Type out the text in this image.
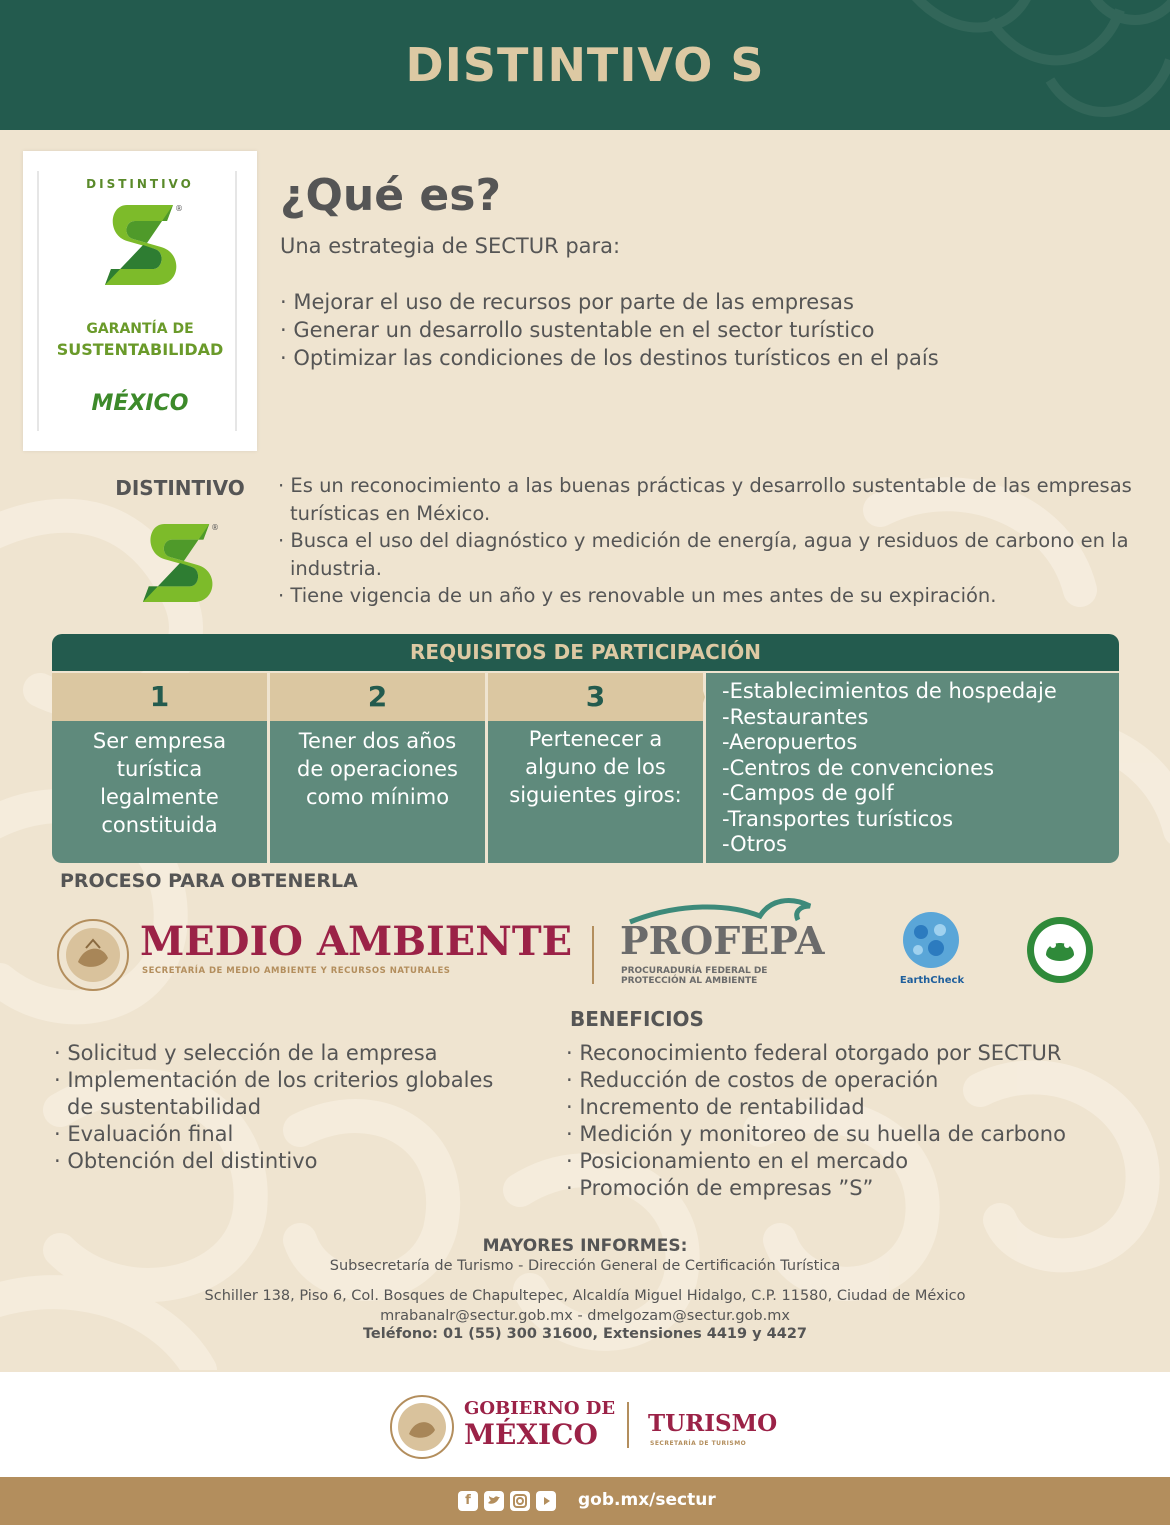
DISTINTIVO S
DISTINTIVO
®
GARANTÍA DE
SUSTENTABILIDAD
MÉXICO
¿Qué es?
Una estrategia de SECTUR para:
· Mejorar el uso de recursos por parte de las empresas
· Generar un desarrollo sustentable en el sector turístico
· Optimizar las condiciones de los destinos turísticos en el país
DISTINTIVO
®
· Es un reconocimiento a las buenas prácticas y desarrollo sustentable de las empresas turísticas en México.
· Busca el uso del diagnóstico y medición de energía, agua y residuos de carbono en la industria.
· Tiene vigencia de un año y es renovable un mes antes de su expiración.
REQUISITOS DE PARTICIPACIÓN
1
Ser empresa turística legalmente constituida
2
Tener dos años de operaciones como mínimo
3
Pertenecer a alguno de los siguientes giros:
-Establecimientos de hospedaje
-Restaurantes
-Aeropuertos
-Centros de convenciones
-Campos de golf
-Transportes turísticos
-Otros
PROCESO PARA OBTENERLA
MEDIO AMBIENTE
SECRETARÍA DE MEDIO AMBIENTE Y RECURSOS NATURALES
PROFEPA
PROCURADURÍA FEDERAL DE
PROTECCIÓN AL AMBIENTE	EarthCheck
BENEFICIOS
· Solicitud y selección de la empresa
· Implementación de los criterios globales de sustentabilidad
· Evaluación final
· Obtención del distintivo
· Reconocimiento federal otorgado por SECTUR
· Reducción de costos de operación
· Incremento de rentabilidad
· Medición y monitoreo de su huella de carbono
· Posicionamiento en el mercado
· Promoción de empresas ”S”
MAYORES INFORMES:
Subsecretaría de Turismo - Dirección General de Certificación Turística
Schiller 138, Piso 6, Col. Bosques de Chapultepec, Alcaldía Miguel Hidalgo, C.P. 11580, Ciudad de México
mrabanalr@sectur.gob.mx - dmelgozam@sectur.gob.mx
Teléfono: 01 (55) 300 31600, Extensiones 4419 y 4427
GOBIERNO DE
MÉXICO TURISMO
SECRETARÍA DE TURISMO
f	gob.mx/sectur
